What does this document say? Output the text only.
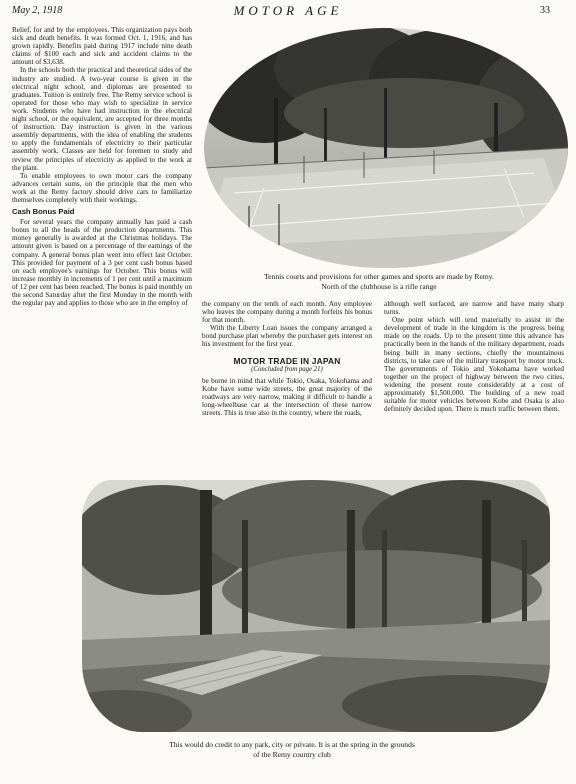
May 2, 1918	MOTOR AGE	33

Relief, for and by the employees. This organization pays both sick and death benefits. It was formed Oct. 1, 1916, and has grown rapidly. Benefits paid during 1917 include nine death claims of $100 each and sick and accident claims to the amount of $3,638.

In the schools both the practical and theoretical sides of the industry are studied. A two-year course is given in the electrical night school, and diplomas are presented to graduates. Tuition is entirely free. The Remy service school is operated for those who may wish to specialize in service work. Students who have had instruction in the electrical night school, or the equivalent, are accepted for three months of instruction. Day instruction is given in the various assembly departments, with the idea of enabling the students to apply the fundamentals of electricity to their particular assembly work. Classes are held for foremen to study and review the principles of electricity as applied to the work at the plant.

To enable employees to own motor cars the company advances certain sums, on the principle that the men who work at the Remy factory should drive cars to familiarize themselves completely with their workings.

Cash Bonus Paid

For several years the company annually has paid a cash bonus to all the heads of the production departments. This money generally is awarded at the Christmas holidays. The amount given is based on a percentage of the earnings of the company. A general bonus plan went into effect last October. This provided for payment of a 3 per cent cash bonus based on each employee's earnings for October. This bonus will increase monthly in increments of 1 per cent until a maximum of 12 per cent has been reached. The bonus is paid monthly on the second Saturday after the first Monday in the month with the regular pay and applies to those who are in the employ of

Tennis courts and provisions for other games and sports are made by Remy. North of the clubhouse is a rifle range

the company on the tenth of each month. Any employee who leaves the company during a month forfeits his bonus for that month.

With the Liberty Loan issues the company arranged a bond purchase plan whereby the purchaser gets interest on his investment for the first year.

MOTOR TRADE IN JAPAN
(Concluded from page 21)

be borne in mind that while Tokio, Osaka, Yokohama and Kobe have some wide streets, the great majority of the roadways are very narrow, making it difficult to handle a long-wheelbase car at the intersection of these narrow streets. This is true also in the country, where the roads,

although well surfaced, are narrow and have many sharp turns.

One point which will tend materially to assist in the development of trade in the kingdom is the progress being made on the roads. Up to the present time this advance has practically been in the hands of the military department, roads being built in many sections, chiefly the mountainous districts, to take care of the military transport by motor truck. The governments of Tokio and Yokohama have worked together on the project of highway between the two cities, widening the present route considerably at a cost of approximately $1,500,000. The building of a new road suitable for motor vehicles between Kobe and Osaka is also definitely decided upon. There is much traffic between them.

This would do credit to any park, city or private. It is at the spring in the grounds of the Remy country club
